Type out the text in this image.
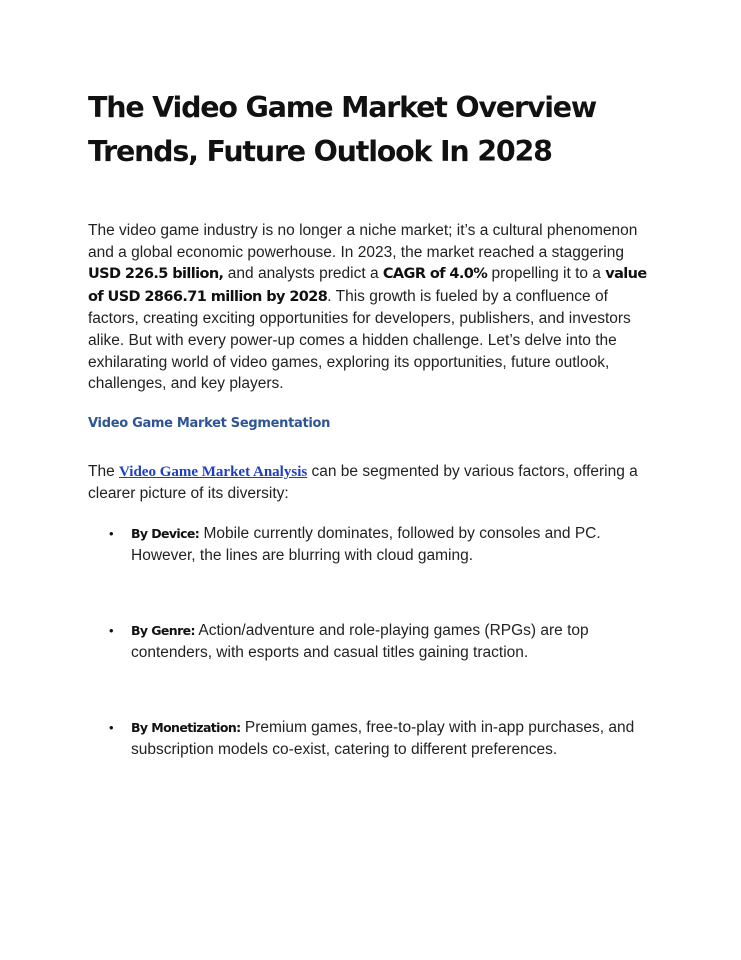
The Video Game Market Overview Trends, Future Outlook In 2028

The video game industry is no longer a niche market; it’s a cultural phenomenon and a global economic powerhouse. In 2023, the market reached a staggering USD 226.5 billion, and analysts predict a CAGR of 4.0% propelling it to a value of USD 2866.71 million by 2028. This growth is fueled by a confluence of factors, creating exciting opportunities for developers, publishers, and investors alike. But with every power-up comes a hidden challenge. Let’s delve into the exhilarating world of video games, exploring its opportunities, future outlook, challenges, and key players.

Video Game Market Segmentation

The Video Game Market Analysis can be segmented by various factors, offering a clearer picture of its diversity:

• By Device: Mobile currently dominates, followed by consoles and PC. However, the lines are blurring with cloud gaming.
• By Genre: Action/adventure and role-playing games (RPGs) are top contenders, with esports and casual titles gaining traction.
• By Monetization: Premium games, free-to-play with in-app purchases, and subscription models co-exist, catering to different preferences.
